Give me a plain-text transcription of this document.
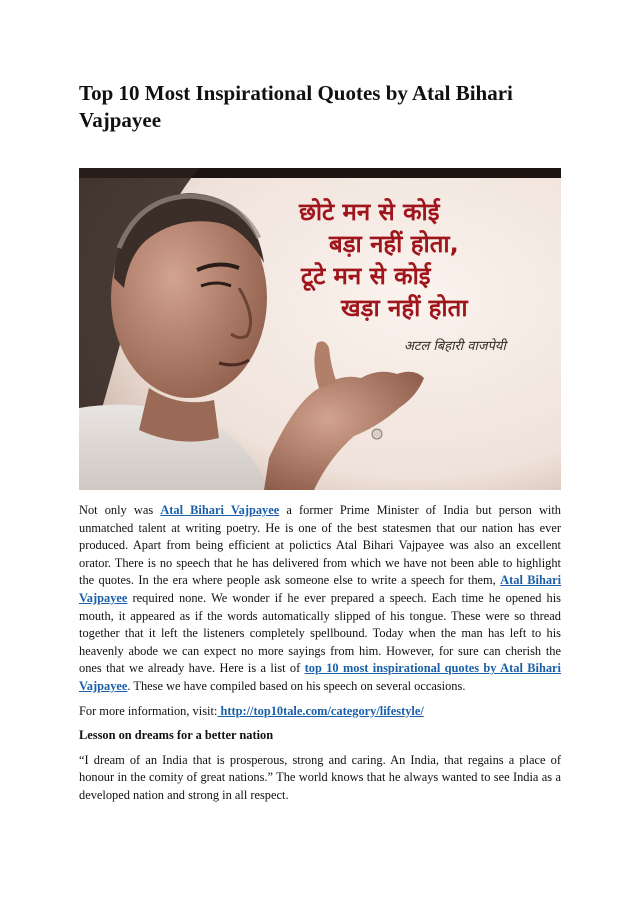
Top 10 Most Inspirational Quotes by Atal Bihari Vajpayee
छोटे मन से कोई
बड़ा नहीं होता,
टूटे मन से कोई
खड़ा नहीं होता
अटल बिहारी वाजपेयी

Not only was Atal Bihari Vajpayee a former Prime Minister of India but person with unmatched talent at writing poetry. He is one of the best statesmen that our nation has ever produced. Apart from being efficient at polictics Atal Bihari Vajpayee was also an excellent orator. There is no speech that he has delivered from which we have not been able to highlight the quotes. In the era where people ask someone else to write a speech for them, Atal Bihari Vajpayee required none. We wonder if he ever prepared a speech. Each time he opened his mouth, it appeared as if the words automatically slipped of his tongue. These were so thread together that it left the listeners completely spellbound. Today when the man has left to his heavenly abode we can expect no more sayings from him. However, for sure can cherish the ones that we already have. Here is a list of top 10 most inspirational quotes by Atal Bihari Vajpayee. These we have compiled based on his speech on several occasions.

For more information, visit: http://top10tale.com/category/lifestyle/

Lesson on dreams for a better nation

“I dream of an India that is prosperous, strong and caring. An India, that regains a place of honour in the comity of great nations.” The world knows that he always wanted to see India as a developed nation and strong in all respect.
